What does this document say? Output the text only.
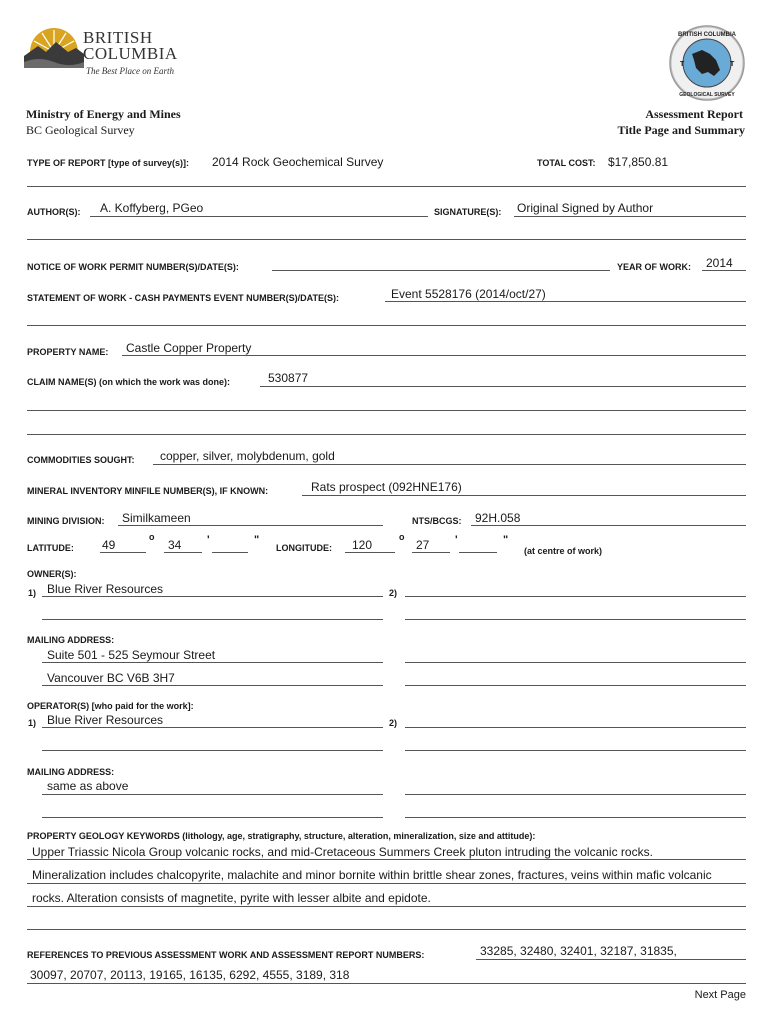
BRITISH
COLUMBIA
The Best Place on Earth
BRITISH COLUMBIA
GEOLOGICAL SURVEY
T	T
Ministry of Energy and Mines
BC Geological Survey
Assessment Report
Title Page and Summary
TYPE OF REPORT [type of survey(s)]: 2014 Rock Geochemical Survey	TOTAL COST: $17,850.81
AUTHOR(S): A. Koffyberg, PGeo	SIGNATURE(S): Original Signed by Author
NOTICE OF WORK PERMIT NUMBER(S)/DATE(S):	YEAR OF WORK: 2014
STATEMENT OF WORK - CASH PAYMENTS EVENT NUMBER(S)/DATE(S):	Event 5528176 (2014/oct/27)
PROPERTY NAME: Castle Copper Property
CLAIM NAME(S) (on which the work was done):	530877
COMMODITIES SOUGHT: copper, silver, molybdenum, gold
MINERAL INVENTORY MINFILE NUMBER(S), IF KNOWN:	Rats prospect (092HNE176)
MINING DIVISION: Similkameen	NTS/BCGS: 92H.058
LATITUDE: 49
o
34 '	"
LONGITUDE: 120
o
27 '	"
(at centre of work)
OWNER(S):
1) Blue River Resources	2)
MAILING ADDRESS:
Suite 501 - 525 Seymour Street
Vancouver BC V6B 3H7
OPERATOR(S) [who paid for the work]:
1) Blue River Resources	2)
MAILING ADDRESS:
same as above
PROPERTY GEOLOGY KEYWORDS (lithology, age, stratigraphy, structure, alteration, mineralization, size and attitude):
Upper Triassic Nicola Group volcanic rocks, and mid-Cretaceous Summers Creek pluton intruding the volcanic rocks.
Mineralization includes chalcopyrite, malachite and minor bornite within brittle shear zones, fractures, veins within mafic volcanic
rocks. Alteration consists of magnetite, pyrite with lesser albite and epidote.
REFERENCES TO PREVIOUS ASSESSMENT WORK AND ASSESSMENT REPORT NUMBERS:	33285, 32480, 32401, 32187, 31835,
30097, 20707, 20113, 19165, 16135, 6292, 4555, 3189, 318
Next Page
